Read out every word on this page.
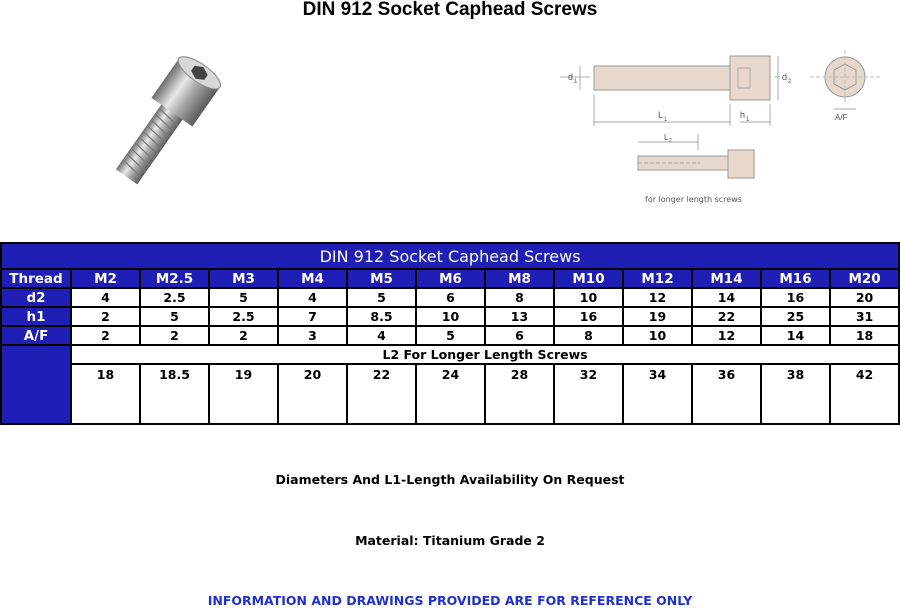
DIN 912 Socket Caphead Screws
d 1	d 2
L 1	h 1	A/F
L 2
for longer length screws
DIN 912 Socket Caphead Screws												
Thread	M2	M2.5	M3	M4	M5	M6	M8	M10	M12	M14	M16	M20
d2	4	2.5	5	4	5	6	8	10	12	14	16	20
h1	2	5	2.5	7	8.5	10	13	16	19	22	25	31
A/F	2	2	2	3	4	5	6	8	10	12	14	18
	L2 For Longer Length Screws											
	18	18.5	19	20	22	24	28	32	34	36	38	42
Diameters And L1-Length Availability On Request
Material: Titanium Grade 2
INFORMATION AND DRAWINGS PROVIDED ARE FOR REFERENCE ONLY
